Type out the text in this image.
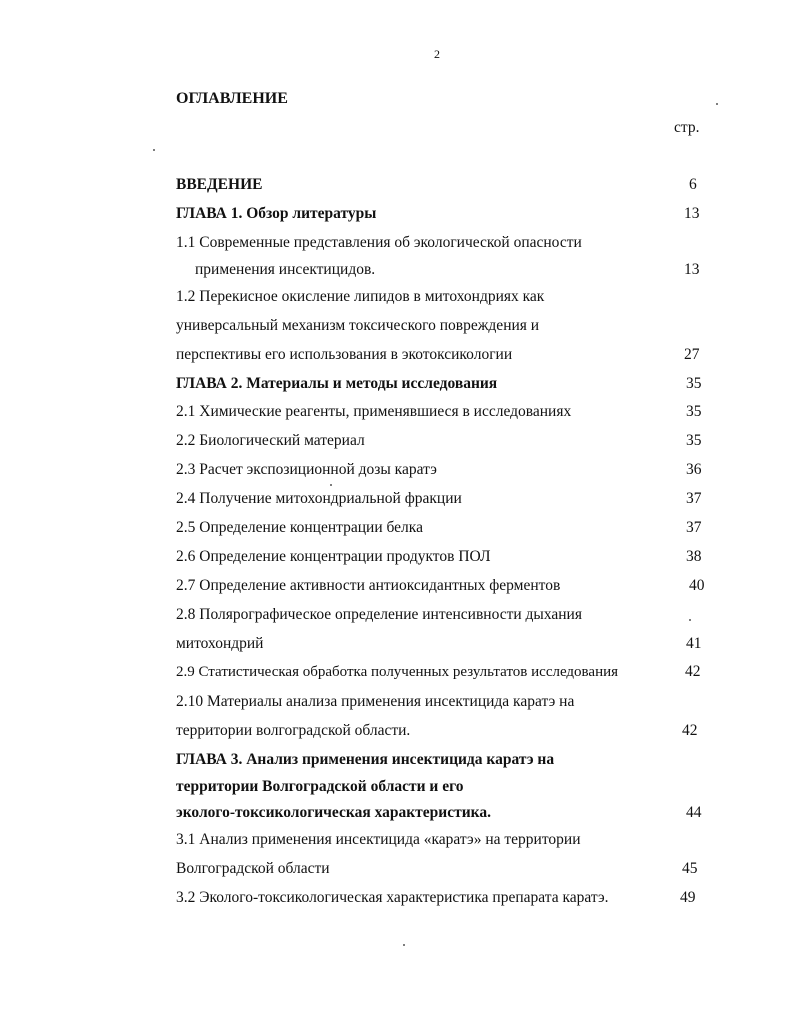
2
ОГЛАВЛЕНИЕ
стр.
ВВЕДЕНИЕ	6
ГЛАВА 1. Обзор литературы	13
1.1 Современные представления об экологической опасности
применения инсектицидов.	13
1.2 Перекисное окисление липидов в митохондриях как
универсальный механизм токсического повреждения и
перспективы его использования в экотоксикологии	27
ГЛАВА 2. Материалы и методы исследования	35
2.1 Химические реагенты, применявшиеся в исследованиях	35
2.2 Биологический материал	35
2.3 Расчет экспозиционной дозы каратэ	36
2.4 Получение митохондриальной фракции	37
2.5 Определение концентрации белка	37
2.6 Определение концентрации продуктов ПОЛ	38
2.7 Определение активности антиоксидантных ферментов	40
2.8 Полярографическое определение интенсивности дыхания
митохондрий	41
2.9 Статистическая обработка полученных результатов исследования	42
2.10 Материалы анализа применения инсектицида каратэ на
территории волгоградской области.	42
ГЛАВА 3. Анализ применения инсектицида каратэ на
территории Волгоградской области и его
эколого-токсикологическая характеристика.	44
3.1 Анализ применения инсектицида «каратэ» на территории
Волгоградской области	45
3.2 Эколого-токсикологическая характеристика препарата каратэ.	49
